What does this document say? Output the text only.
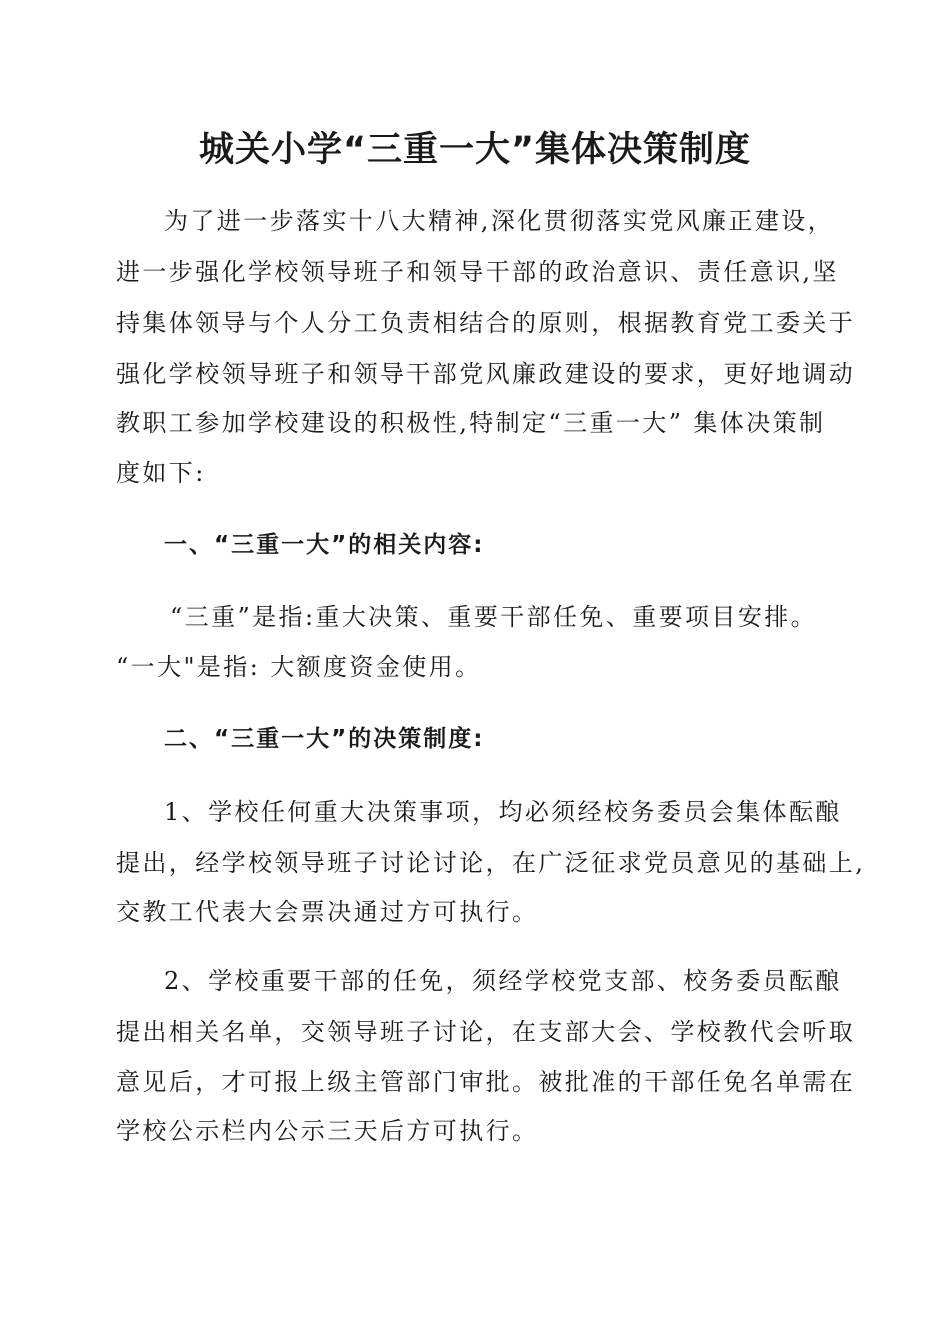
城关小学“三重一大”集体决策制度

为了进一步落实十八大精神,深化贯彻落实党风廉正建设，

进一步强化学校领导班子和领导干部的政治意识、责任意识,坚

持集体领导与个人分工负责相结合的原则，根据教育党工委关于

强化学校领导班子和领导干部党风廉政建设的要求，更好地调动

教职工参加学校建设的积极性,特制定“三重一大” 集体决策制

度如下:

一、“三重一大”的相关内容:

“三重”是指:重大决策、重要干部任免、重要项目安排。

“一大"是指: 大额度资金使用。

二、“三重一大”的决策制度:

1、学校任何重大决策事项，均必须经校务委员会集体酝酿

提出，经学校领导班子讨论讨论，在广泛征求党员意见的基础上,

交教工代表大会票决通过方可执行。

2、学校重要干部的任免，须经学校党支部、校务委员酝酿

提出相关名单，交领导班子讨论，在支部大会、学校教代会听取

意见后，才可报上级主管部门审批。被批准的干部任免名单需在

学校公示栏内公示三天后方可执行。
